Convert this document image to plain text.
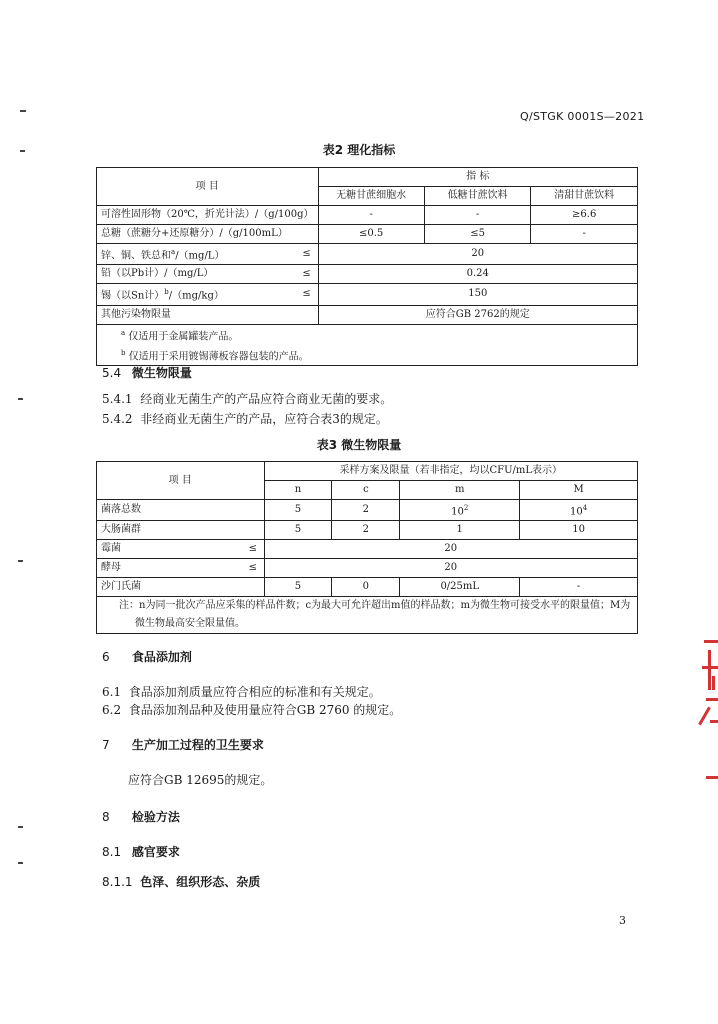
Q/STGK 0001S—2021
表2 理化指标
项 目		指 标		
		无糖甘蔗细胞水	低糖甘蔗饮料	清甜甘蔗饮料
可溶性固形物（20℃，折光计法）/（g/100g）		-	-	≥6.6
总糖（蔗糖分+还原糖分）/（g/100mL）		≤0.5	≤5	-
锌、铜、铁总和$^a$/（mg/L）	≤	20		
铅（以Pb计）/（mg/L）	≤	0.24		
锡（以Sn计）$^b$/（mg/kg）	≤	150		
其他污染物限量		应符合GB 2762的规定		
$^a$ 仅适用于金属罐装产品。				
$^b$ 仅适用于采用镀锡薄板容器包装的产品。				
5.4 微生物限量
5.4.1 经商业无菌生产的产品应符合商业无菌的要求。
5.4.2 非经商业无菌生产的产品，应符合表3的规定。
表3 微生物限量
项 目		采样方案及限量（若非指定，均以CFU/mL表示）			
		n	c	m	M
菌落总数		5	2	$10^2$	$10^4$
大肠菌群		5	2	1	10
霉菌	≤	20			
酵母	≤	20			
沙门氏菌		5	0	0/25mL	-
注：n为同一批次产品应采集的样品件数；c为最大可允许超出m值的样品数；m为微生物可接受水平的限量值；M为					
微生物最高安全限量值。					
6 食品添加剂
6.1 食品添加剂质量应符合相应的标准和有关规定。
6.2 食品添加剂品种及使用量应符合GB 2760 的规定。
7 生产加工过程的卫生要求
应符合GB 12695的规定。
8 检验方法
8.1 感官要求
8.1.1 色泽、组织形态、杂质
3
